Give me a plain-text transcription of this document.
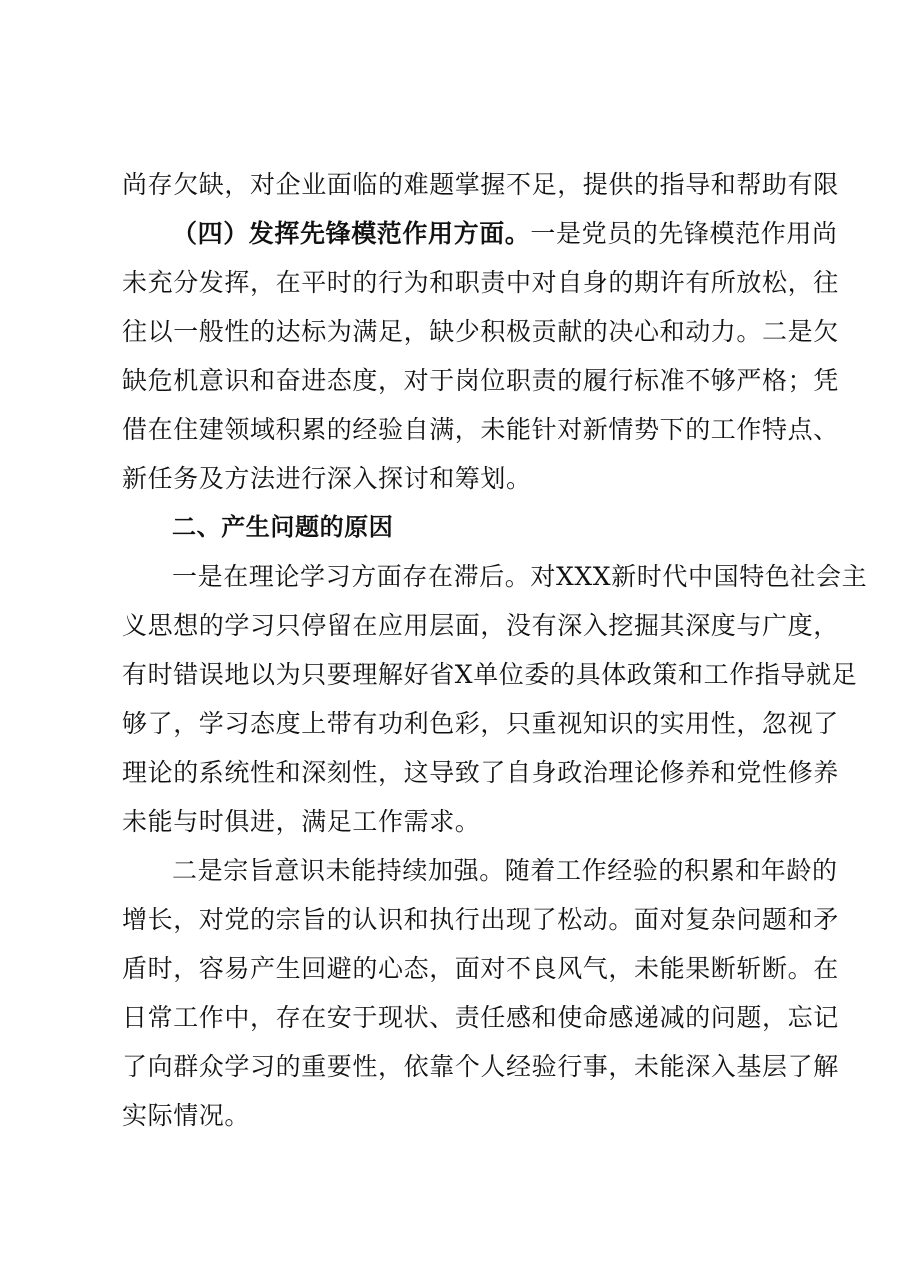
尚存欠缺，对企业面临的难题掌握不足，提供的指导和帮助有限
（四）发挥先锋模范作用方面。一是党员的先锋模范作用尚
未充分发挥，在平时的行为和职责中对自身的期许有所放松，往
往以一般性的达标为满足，缺少积极贡献的决心和动力。二是欠
缺危机意识和奋进态度，对于岗位职责的履行标准不够严格；凭
借在住建领域积累的经验自满，未能针对新情势下的工作特点、
新任务及方法进行深入探讨和筹划。
二、产生问题的原因
一是在理论学习方面存在滞后。对XXX新时代中国特色社会主
义思想的学习只停留在应用层面，没有深入挖掘其深度与广度，
有时错误地以为只要理解好省X单位委的具体政策和工作指导就足
够了，学习态度上带有功利色彩，只重视知识的实用性，忽视了
理论的系统性和深刻性，这导致了自身政治理论修养和党性修养
未能与时俱进，满足工作需求。
二是宗旨意识未能持续加强。随着工作经验的积累和年龄的
增长，对党的宗旨的认识和执行出现了松动。面对复杂问题和矛
盾时，容易产生回避的心态，面对不良风气，未能果断斩断。在
日常工作中，存在安于现状、责任感和使命感递减的问题，忘记
了向群众学习的重要性，依靠个人经验行事，未能深入基层了解
实际情况。
